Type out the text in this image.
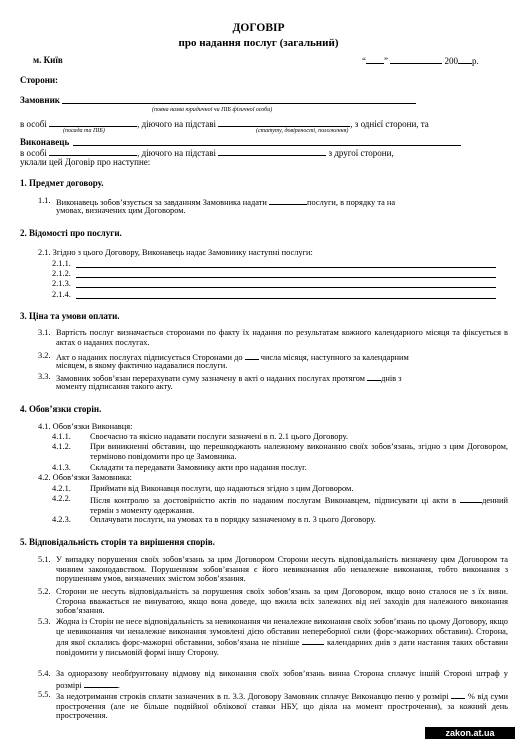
ДОГОВІР
про надання послуг (загальний)
м. Київ	“ ”	200 р.
Сторони:
Замовник
(повна назва юридичної чи ПІБ фізичної особи)
в особі	, діючого на підставі	, з однієї сторони, та
(посада та ПІБ)	(статуту, довіреності, положення)
Виконавець
в особі	, діючого на підставі	з другої сторони,
уклали цей Договір про наступне:
1. Предмет договору.
1.1. Виконавець зобов’язується за завданням Замовника надати	послуги, в порядку та на
умовах, визначених цим Договором.
2. Відомості про послуги.
2.1. Згідно з цього Договору, Виконавець надає Замовнику наступні послуги:
2.1.1.
2.1.2.
2.1.3.
2.1.4.
3. Ціна та умови оплати.
3.1. Вартість послуг визначається сторонами по факту їх надання по результатам кожного календарного місяця та фіксується в актах о наданих послугах.
3.2. Акт о наданих послугах підписується Сторонами до числа місяця, наступного за календарним
місяцем, в якому фактично надавалися послуги.
3.3. Замовник зобов’язан перерахувати суму зазначену в акті о наданих послугах протягом днів з
моменту підписання такого акту.
4. Обов’язки сторін.
4.1. Обов’язки Виконавця:
4.1.1. Своєчасно та якісно надавати послуги зазначені в п. 2.1 цього Договору.
4.1.2. При виникненні обставин, що перешкоджають належному виконанню своїх зобов’язань, згідно з цим Договором, терміново повідомити про це Замовника.
4.1.3. Складати та передавати Замовнику акти про надання послуг.
4.2. Обов’язки Замовника:
4.2.1. Приймати від Виконавця послуги, що надаються згідно з цим Договором.
4.2.2. Після контролю за достовірністю актів по наданим послугам Виконавцем, підписувати ці акти в	денний термін з моменту одержання.
4.2.3. Оплачувати послуги, на умовах та в порядку зазначеному в п. 3 цього Договору.
5. Відповідальність сторін та вирішення спорів.
5.1. У випадку порушення своїх зобов’язань за цим Договором Сторони несуть відповідальність визначену цим Договором та чинним законодавством. Порушенням зобов’язання є його невиконання або неналежне виконання, тобто виконання з порушенням умов, визначених змістом зобов’язання.
5.2. Сторони не несуть відповідальність за порушення своїх зобов’язань за цим Договором, якщо воно сталося не з їх вини. Сторона вважається не винуватою, якщо вона доведе, що вжила всіх залежних від неї заходів для належного виконання зобов’язання.
5.3. Жодна із Сторін не несе відповідальність за невиконання чи неналежне виконання своїх зобов’язань по цьому Договору, якщо це невиконання чи неналежне виконання зумовлені дією обставин непереборної сили (форс-мажорних обставин). Сторона, для якої склались форс-мажорні обставини, зобов’язана не пізніше	календарних днів з дати настання таких обставин повідомити у письмовій формі іншу Сторону.
5.4. За одноразову необґрунтовану відмову від виконання своїх зобов’язань винна Сторона сплачує іншій Стороні штраф у розмірі	.
5.5. За недотримання строків сплати зазначених в п. 3.3. Договору Замовник сплачує Виконавцю пеню у розмірі % від суми прострочення (але не більше подвійної облікової ставки НБУ, що діяла на момент прострочення), за кожний день прострочення.
zakon.at.ua
